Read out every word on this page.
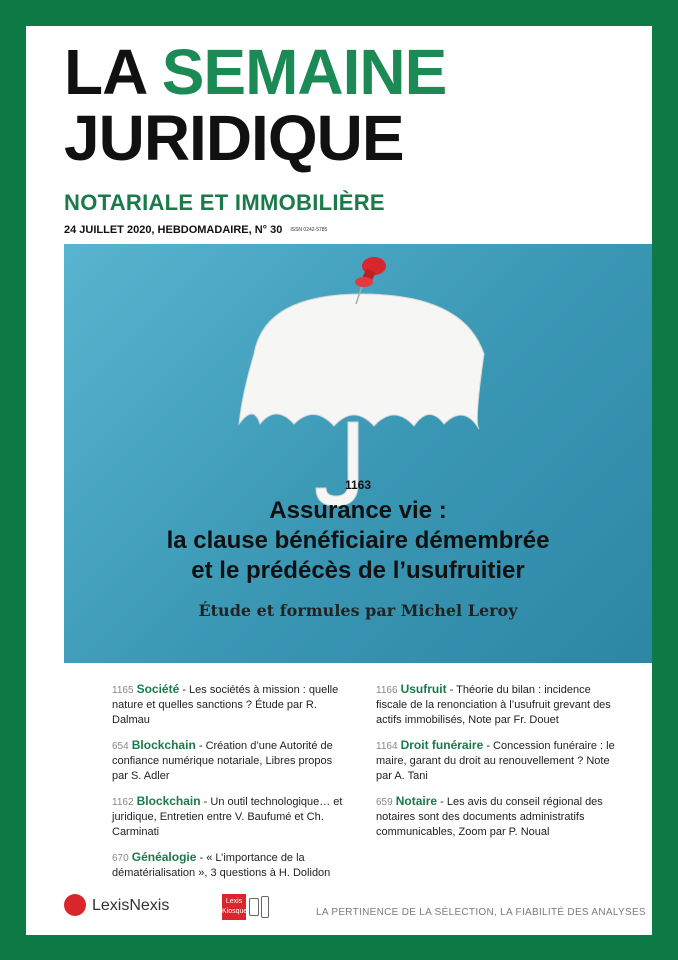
LA SEMAINE
JURIDIQUE
NOTARIALE ET IMMOBILIÈRE
24 JUILLET 2020, HEBDOMADAIRE, N° 30 ISSN 0242-5785
1163
Assurance vie :
la clause bénéficiaire démembrée
et le prédécès de l’usufruitier
Étude et formules par Michel Leroy
1165 Société - Les sociétés à mission : quelle nature et quelles sanctions ? Étude par R. Dalmau
654 Blockchain - Création d’une Autorité de confiance numérique notariale, Libres propos par S. Adler
1162 Blockchain - Un outil technologique… et juridique, Entretien entre V. Baufumé et Ch. Carminati
670 Généalogie - « L’importance de la dématérialisation », 3 questions à H. Dolidon
1166 Usufruit - Théorie du bilan : incidence fiscale de la renonciation à l’usufruit grevant des actifs immobilisés, Note par Fr. Douet
1164 Droit funéraire - Concession funéraire : le maire, garant du droit au renouvellement ? Note par A. Tani
659 Notaire - Les avis du conseil régional des notaires sont des documents administratifs communicables, Zoom par P. Noual
LexisNexis	Lexis
Kiosque	LA PERTINENCE DE LA SÉLECTION, LA FIABILITÉ DES ANALYSES
